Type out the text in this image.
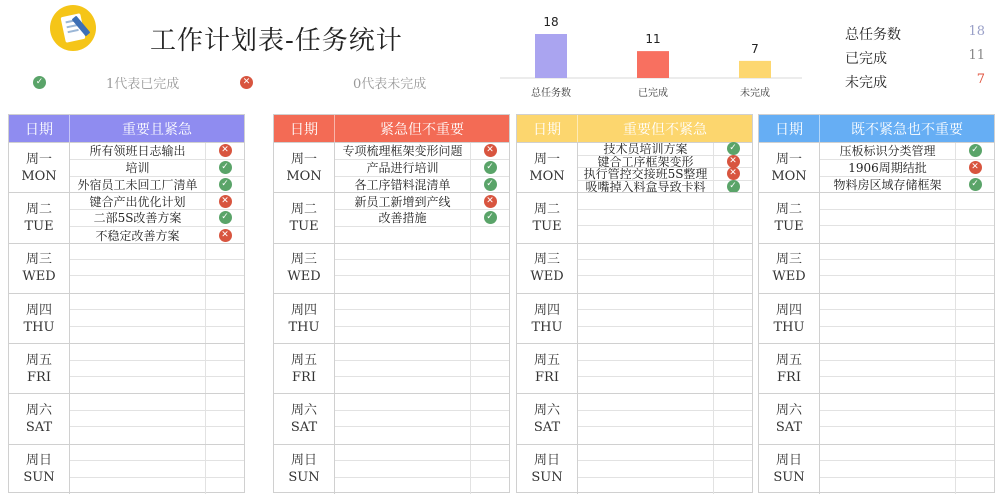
工作计划表-任务统计
✓	1代表已完成	✕	0代表未完成
18
总任务数
11
已完成
7
未完成
总任务数	18
已完成	11
未完成	7
日期	重要且紧急
周一
MON
所有领班日志输出	✕
培训	✓
外宿员工未回工厂清单	✓
周二
TUE
键合产出优化计划	✕
二部5S改善方案	✓
不稳定改善方案	✕
周三
WED
周四
THU
周五
FRI
周六
SAT
周日
SUN
日期	紧急但不重要
周一
MON
专项梳理框架变形问题	✕
产品进行培训	✓
各工序错料混清单	✓
周二
TUE
新员工新增到产线	✕
改善措施	✓
周三
WED
周四
THU
周五
FRI
周六
SAT
周日
SUN
日期	重要但不紧急
周一
MON
技术员培训方案	✓
键合工序框架变形	✕
执行管控交接班5S整理	✕
吸嘴掉入料盒导致卡料	✓
周二
TUE
周三
WED
周四
THU
周五
FRI
周六
SAT
周日
SUN
日期	既不紧急也不重要
周一
MON
压板标识分类管理	✓
1906周期结批	✕
物料房区域存储框架	✓
周二
TUE
周三
WED
周四
THU
周五
FRI
周六
SAT
周日
SUN
